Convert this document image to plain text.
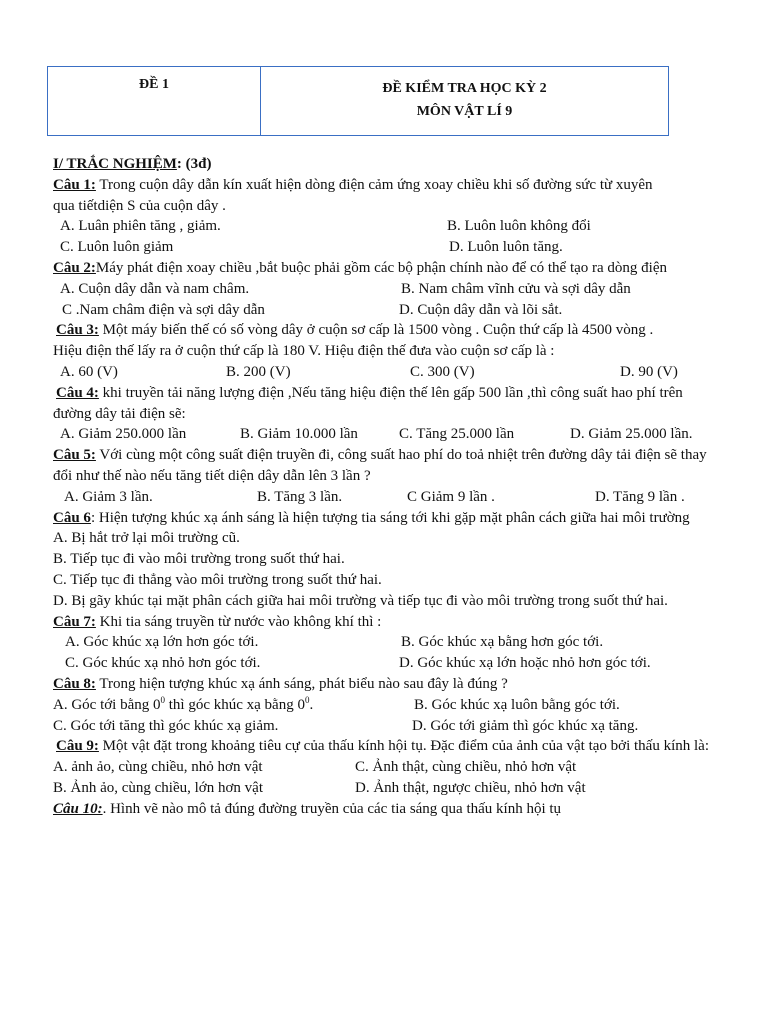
ĐỀ 1	ĐỀ KIỂM TRA HỌC KỲ 2
MÔN VẬT LÍ 9
I/ TRẮC NGHIỆM: (3đ)
Câu 1: Trong cuộn dây dẫn kín xuất hiện dòng điện cảm ứng xoay chiều khi số đường sức từ xuyên
qua tiếtdiện S của cuộn dây .
A. Luân phiên tăng , giảm.	B. Luôn luôn không đổi
C. Luôn luôn giảm	D. Luôn luôn tăng.
Câu 2:Máy phát điện xoay chiều ,bắt buộc phải gồm các bộ phận chính nào để có thể tạo ra dòng điện
A. Cuộn dây dẫn và nam châm.	B. Nam châm vĩnh cửu và sợi dây dẫn
C .Nam châm điện và sợi dây dẫn	D. Cuộn dây dẫn và lõi sắt.
Câu 3: Một máy biến thế có số vòng dây ở cuộn sơ cấp là 1500 vòng . Cuộn thứ cấp là 4500 vòng .
Hiệu điện thế lấy ra ở cuộn thứ cấp là 180 V. Hiệu điện thế đưa vào cuộn sơ cấp là :
A. 60 (V)	B. 200 (V)	C. 300 (V)	D. 90 (V)
Câu 4: khi truyền tải năng lượng điện ,Nếu tăng hiệu điện thế lên gấp 500 lần ,thì công suất hao phí trên đường dây tải điện sẽ:
A. Giảm 250.000 lần	B. Giảm 10.000 lần	C. Tăng 25.000 lần	D. Giảm 25.000 lần.
Câu 5: Với cùng một công suất điện truyền đi, công suất hao phí do toả nhiệt trên đường dây tải điện sẽ thay đổi như thế nào nếu tăng tiết diện dây dẫn lên 3 lần ?
A. Giảm 3 lần.	B. Tăng 3 lần.	C Giảm 9 lần .	D. Tăng 9 lần .
Câu 6: Hiện tượng khúc xạ ánh sáng là hiện tượng tia sáng tới khi gặp mặt phân cách giữa hai môi trường
A. Bị hắt trở lại môi trường cũ.
B. Tiếp tục đi vào môi trường trong suốt thứ hai.
C. Tiếp tục đi thẳng vào môi trường trong suốt thứ hai.
D. Bị gãy khúc tại mặt phân cách giữa hai môi trường và tiếp tục đi vào môi trường trong suốt thứ hai.
Câu 7: Khi tia sáng truyền từ nước vào không khí thì :
A. Góc khúc xạ lớn hơn góc tới.	B. Góc khúc xạ bằng hơn góc tới.
C. Góc khúc xạ nhỏ hơn góc tới.	D. Góc khúc xạ lớn hoặc nhỏ hơn góc tới.
Câu 8: Trong hiện tượng khúc xạ ánh sáng, phát biểu nào sau đây là đúng ?
A. Góc tới bằng $0^0$ thì góc khúc xạ bằng $0^0$.	B. Góc khúc xạ luôn bằng góc tới.
C. Góc tới tăng thì góc khúc xạ giảm.	D. Góc tới giảm thì góc khúc xạ tăng.
Câu 9: Một vật đặt trong khoảng tiêu cự của thấu kính hội tụ. Đặc điểm của ảnh của vật tạo bởi thấu kính là:
A. ảnh ảo, cùng chiều, nhỏ hơn vật	C. Ảnh thật, cùng chiều, nhỏ hơn vật
B. Ảnh ảo, cùng chiều, lớn hơn vật	D. Ảnh thật, ngược chiều, nhỏ hơn vật
Câu 10:. Hình vẽ nào mô tả đúng đường truyền của các tia sáng qua thấu kính hội tụ
